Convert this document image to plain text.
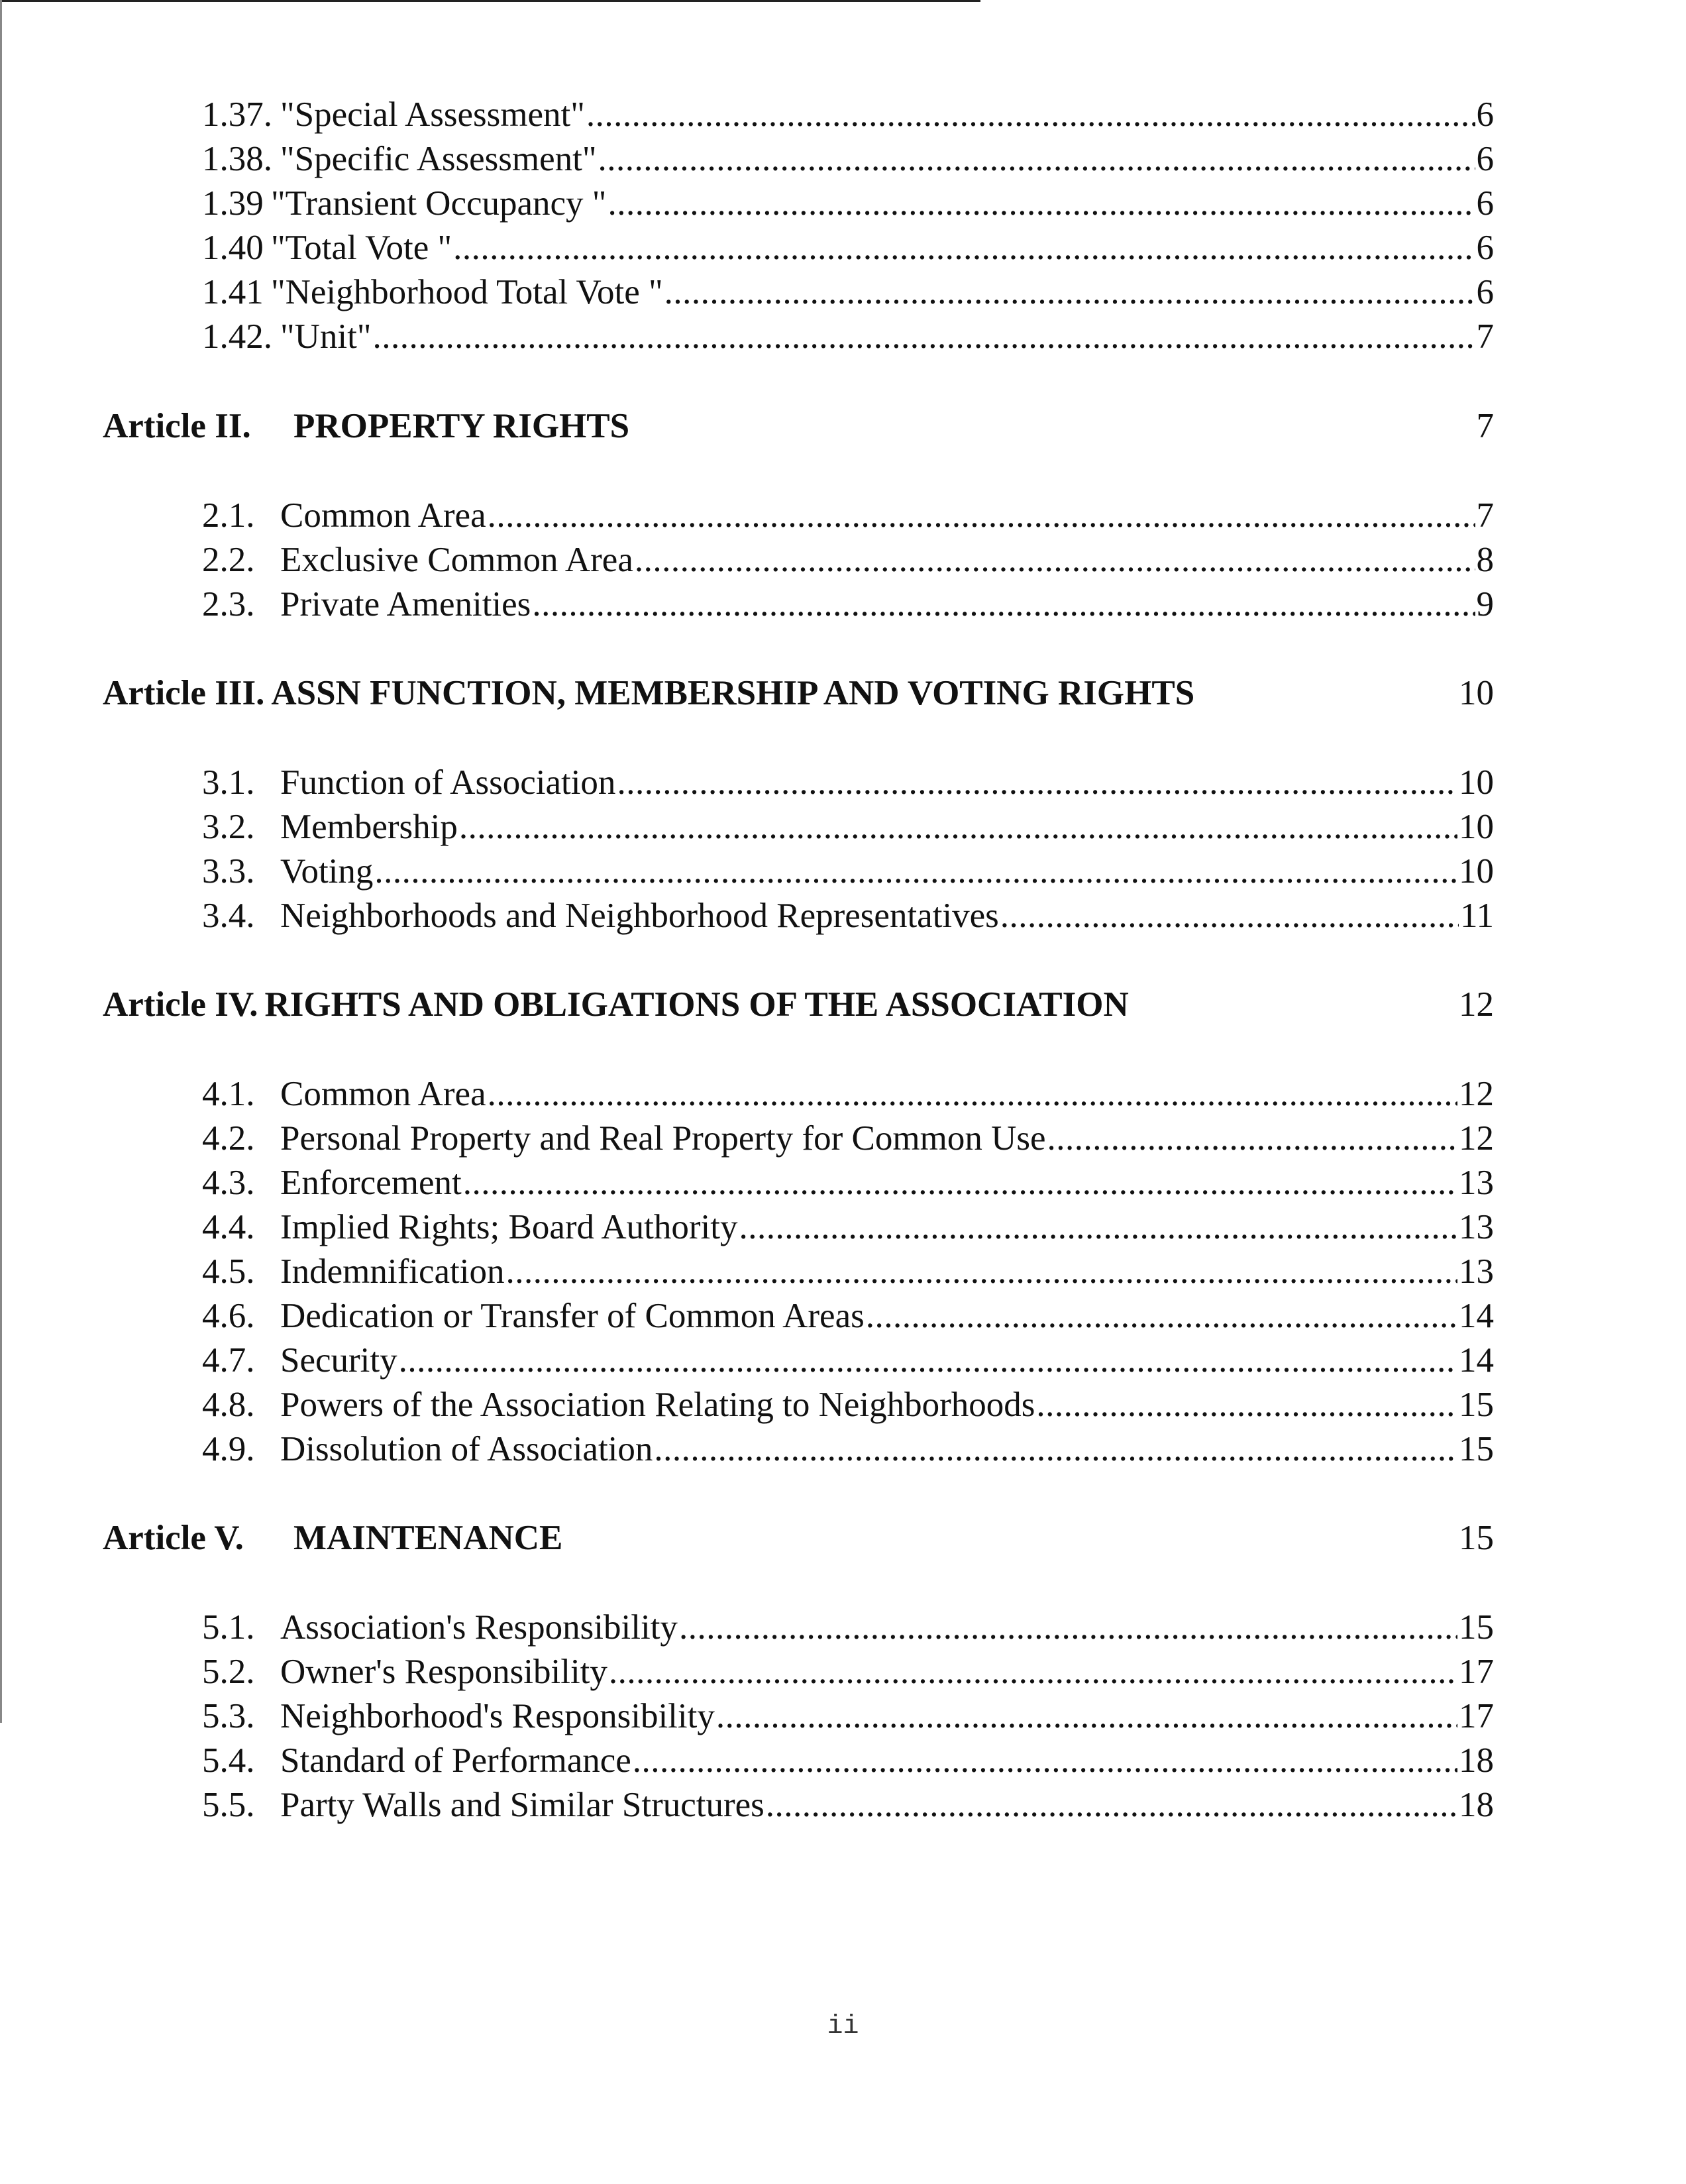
1.37. "Special Assessment" .....	6
1.38. "Specific Assessment" .....	6
1.39 "Transient Occupancy " .....	6
1.40 "Total Vote " .....	6
1.41 "Neighborhood Total Vote " .....	6
1.42. "Unit" .....	7
Article II.	PROPERTY RIGHTS	7
2.1. Common Area .....	7
2.2. Exclusive Common Area .....	8
2.3. Private Amenities .....	9
Article III. ASSN FUNCTION, MEMBERSHIP AND VOTING RIGHTS	10
3.1. Function of Association .....	10
3.2. Membership .....	10
3.3. Voting .....	10
3.4. Neighborhoods and Neighborhood Representatives .....	11
Article IV. RIGHTS AND OBLIGATIONS OF THE ASSOCIATION	12
4.1. Common Area .....	12
4.2. Personal Property and Real Property for Common Use .....	12
4.3. Enforcement .....	13
4.4. Implied Rights; Board Authority .....	13
4.5. Indemnification .....	13
4.6. Dedication or Transfer of Common Areas .....	14
4.7. Security .....	14
4.8. Powers of the Association Relating to Neighborhoods .....	15
4.9. Dissolution of Association .....	15
Article V.	MAINTENANCE	15
5.1. Association's Responsibility .....	15
5.2. Owner's Responsibility .....	17
5.3. Neighborhood's Responsibility .....	17
5.4. Standard of Performance .....	18
5.5. Party Walls and Similar Structures .....	18
ii
